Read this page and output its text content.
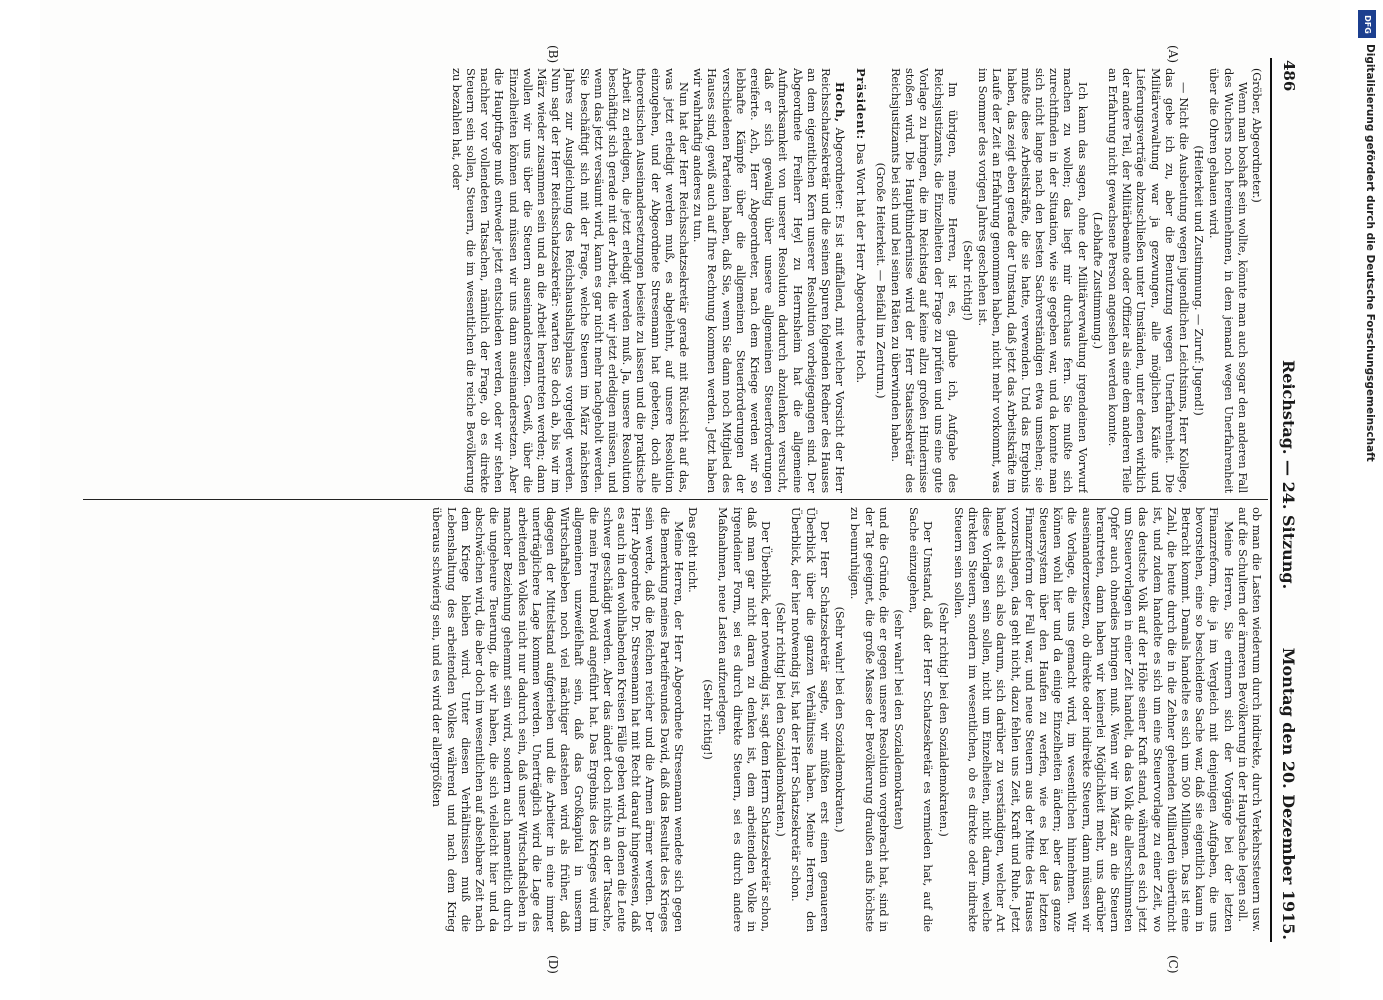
486
Reichstag. — 24. Sitzung.
Montag den 20. Dezember 1915.
(A)
(B)
(C)
(D)

(Gröber, Abgeordneter.)

Wenn man boshaft sein wollte, könnte man auch sogar den anderen Fall des Wuchers noch hereinnehmen, in dem jemand wegen Unerfahrenheit über die Ohren gehauen wird.

(Heiterkeit und Zustimmung. — Zuruf: Jugend!)

— Nicht die Ausbeutung wegen jugendlichen Leichtsinns, Herr Kollege, das gebe ich zu, aber die Benutzung wegen Unerfahrenheit. Die Militärverwaltung war ja gezwungen, alle möglichen Käufe und Lieferungsverträge abzuschließen unter Umständen, unter denen wirklich der andere Teil, der Militärbeamte oder Offizier als eine dem anderen Teile an Erfahrung nicht gewachsene Person angesehen werden konnte.

(Lebhafte Zustimmung.)

Ich kann das sagen, ohne der Militärverwaltung irgendeinen Vorwurf machen zu wollen; das liegt mir durchaus fern. Sie mußte sich zurechtfinden in der Situation, wie sie gegeben war, und da konnte man sich nicht lange nach den besten Sachverständigen etwa umsehen; sie mußte diese Arbeitskräfte, die sie hatte, verwenden. Und das Ergebnis haben, das zeigt eben gerade der Umstand, daß jetzt das Arbeitskräfte im Laufe der Zeit an Erfahrung genommen haben, nicht mehr vorkommt, was im Sommer des vorigen Jahres geschehen ist.

(Sehr richtig!)

Im übrigen, meine Herren, ist es, glaube ich, Aufgabe des Reichsjustizamts, die Einzelheiten der Frage zu prüfen und uns eine gute Vorlage zu bringen, die im Reichstag auf keine allzu großen Hindernisse stoßen wird. Die Haupthindernisse wird der Herr Staatssekretär des Reichsjustizamts bei sich und bei seinen Räten zu überwinden haben.

(Große Heiterkeit. — Beifall im Zentrum.)

Präsident: Das Wort hat der Herr Abgeordnete Hoch.

Hoch, Abgeordneter: Es ist auffallend, mit welcher Vorsicht der Herr Reichsschatzsekretär und die seinen Spuren folgenden Redner des Hauses an dem eigentlichen Kern unserer Resolution vorbeigegangen sind. Der Abgeordnete Freiherr Heyl zu Herrnsheim hat die allgemeine Aufmerksamkeit von unserer Resolution dadurch abzulenken versucht, daß er sich gewaltig über unsere allgemeinen Steuerforderungen ereiferte. Ach, Herr Abgeordneter, nach dem Kriege werden wir so lebhafte Kämpfe über die allgemeinen Steuerforderungen der verschiedenen Parteien haben, daß Sie, wenn Sie dann noch Mitglied des Hauses sind, gewiß auch auf Ihre Rechnung kommen werden. Jetzt haben wir wahrhaftig anderes zu tun.

Nun hat der Herr Reichsschatzsekretär gerade mit Rücksicht auf das, was jetzt erledigt werden muß, es abgelehnt, auf unsere Resolution einzugehen, und der Abgeordnete Stresemann hat gebeten, doch alle theoretischen Auseinandersetzungen beiseite zu lassen und die praktische Arbeit zu erledigen, die jetzt erledigt werden muß. Ja, unsere Resolution beschäftigt sich gerade mit der Arbeit, die wir jetzt erledigen müssen, und wenn das jetzt versäumt wird, kann es gar nicht mehr nachgeholt werden. Sie beschäftigt sich mit der Frage, welche Steuern im März nächsten Jahres zur Ausgleichung des Reichshaushaltsplanes vorgelegt werden. Nun sagt der Herr Reichsschatzsekretär: warten Sie doch ab, bis wir im März wieder zusammen sein und an die Arbeit herantreten werden; dann wollen wir uns über die Steuern auseinandersetzen. Gewiß, über die Einzelheiten können und müssen wir uns dann auseinandersetzen. Aber die Hauptfrage muß entweder jetzt entschieden werden, oder wir stehen nachher vor vollendeten Tatsachen, nämlich der Frage, ob es direkte Steuern sein sollen, Steuern, die im wesentlichen die reiche Bevölkerung zu bezahlen hat, oder

ob man die Lasten wiederum durch indirekte, durch Verkehrssteuern usw. auf die Schultern der ärmeren Bevölkerung in der Hauptsache legen soll.

Meine Herren, Sie erinnern sich der Vorgänge bei der letzten Finanzreform, die ja im Vergleich mit denjenigen Aufgaben, die uns bevorstehen, eine so bescheidene Sache war, daß sie eigentlich kaum in Betracht kommt. Damals handelte es sich um 500 Millionen. Das ist eine Zahl, die heute durch die in die Zehner gehenden Milliarden übertüncht ist, und zudem handelte es sich um eine Steuervorlage zu einer Zeit, wo das deutsche Volk auf der Höhe seiner Kraft stand, während es sich jetzt um Steuervorlagen in einer Zeit handelt, da das Volk die allerschlimmsten Opfer auch ohnedies bringen muß. Wenn wir im März an die Steuern herantreten, dann haben wir keinerlei Möglichkeit mehr, uns darüber auseinanderzusetzen, ob direkte oder indirekte Steuern, dann müssen wir die Vorlage, die uns gemacht wird, im wesentlichen hinnehmen. Wir können wohl hier und da einige Einzelheiten ändern; aber das ganze Steuersystem über den Haufen zu werfen, wie es bei der letzten Finanzreform der Fall war, und neue Steuern aus der Mitte des Hauses vorzuschlagen, das geht nicht, dazu fehlen uns Zeit, Kraft und Ruhe. Jetzt handelt es sich also darum, sich darüber zu verständigen, welcher Art diese Vorlagen sein sollen, nicht um Einzelheiten, nicht darum, welche direkten Steuern, sondern im wesentlichen, ob es direkte oder indirekte Steuern sein sollen.

(Sehr richtig! bei den Sozialdemokraten.)

Der Umstand, daß der Herr Schatzsekretär es vermieden hat, auf die Sache einzugehen,

(sehr wahr! bei den Sozialdemokraten)

und die Gründe, die er gegen unsere Resolution vorgebracht hat, sind in der Tat geeignet, die große Masse der Bevölkerung draußen aufs höchste zu beunruhigen.

(Sehr wahr! bei den Sozialdemokraten.)

Der Herr Schatzsekretär sagte, wir müßten erst einen genaueren Überblick über die ganzen Verhältnisse haben. Meine Herren, den Überblick, der hier notwendig ist, hat der Herr Schatzsekretär schon.

(Sehr richtig! bei den Sozialdemokraten.)

Der Überblick, der notwendig ist, sagt dem Herrn Schatzsekretär schon, daß man gar nicht daran zu denken ist, dem arbeitenden Volke in irgendeiner Form, sei es durch direkte Steuern, sei es durch andere Maßnahmen, neue Lasten aufzuerlegen.

(Sehr richtig!)

Das geht nicht.

Meine Herren, der Herr Abgeordnete Stresemann wendete sich gegen die Bemerkung meines Parteifreundes David, daß das Resultat des Krieges sein werde, daß die Reichen reicher und die Armen ärmer werden. Der Herr Abgeordnete Dr. Stresemann hat mit Recht darauf hingewiesen, daß es auch in den wohlhabenden Kreisen Fälle geben wird, in denen die Leute schwer geschädigt werden. Aber das ändert doch nichts an der Tatsache, die mein Freund David angeführt hat. Das Ergebnis des Krieges wird im allgemeinen unzweifelhaft sein, daß das Großkapital in unserm Wirtschaftsleben noch viel mächtiger dastehen wird als früher, daß dagegen der Mittelstand aufgerieben und die Arbeiter in eine immer unerträglichere Lage kommen werden. Unerträglich wird die Lage des arbeitenden Volkes nicht nur dadurch sein, daß unser Wirtschaftsleben in mancher Beziehung gehemmt sein wird, sondern auch namentlich durch die ungeheure Teuerung, die wir haben, die sich vielleicht hier und da abschwächen wird, die aber doch im wesentlichen auf absehbare Zeit nach dem Kriege bleiben wird. Unter diesen Verhältnissen muß die Lebenshaltung des arbeitenden Volkes während und nach dem Krieg überaus schwierig sein, und es wird der allergrößten

DFG
Digitalisierung gefördert durch die Deutsche Forschungsgemeinschaft
